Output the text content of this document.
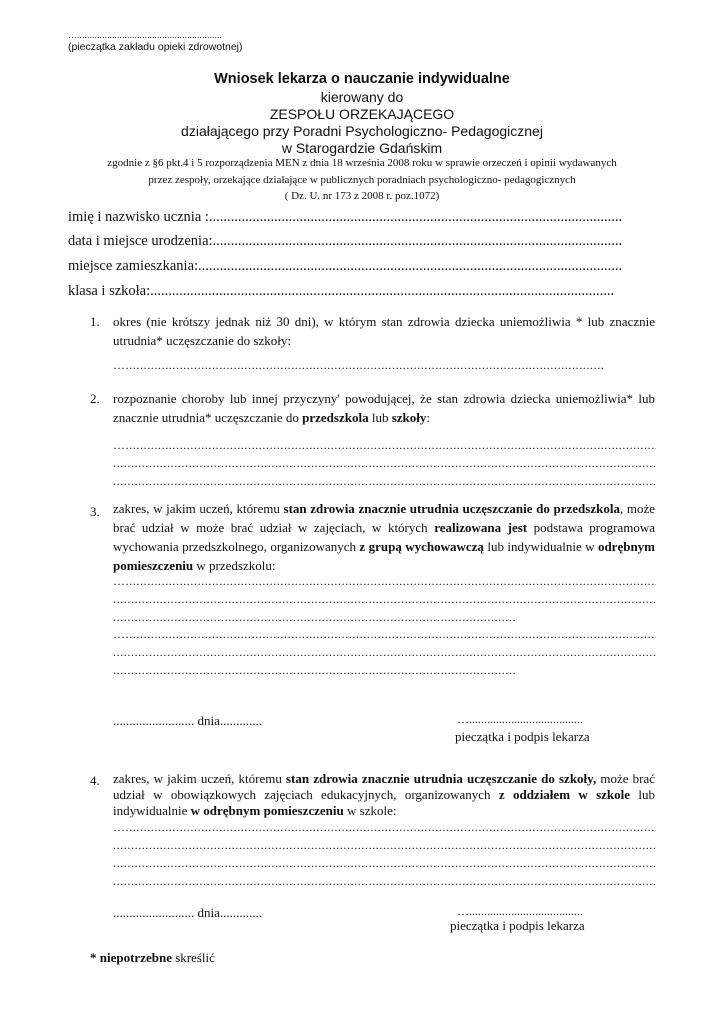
…..........................................................
(pieczątka zakładu opieki zdrowotnej)
Wniosek lekarza o nauczanie indywidualne
kierowany do
ZESPOŁU ORZEKAJĄCEGO
działającego przy Poradni Psychologiczno- Pedagogicznej
w Starogardzie Gdańskim
zgodnie z §6 pkt.4 i 5 rozporządzenia MEN z dnia 18 września 2008 roku w sprawie orzeczeń i opinii wydawanych
przez zespoły, orzekające działające w publicznych poradniach psychologiczno- pedagogicznych
( Dz. U. nr 173 z 2008 r. poz.1072)
imię i nazwisko ucznia :..................................................................................................................
data i miejsce urodzenia:.................................................................................................................
miejsce zamieszkania:.....................................................................................................................
klasa i szkoła:................................................................................................................................
1. okres (nie krótszy jednak niż 30 dni), w którym stan zdrowia dziecka uniemożliwia * lub znacznie utrudnia* uczęszczanie do szkoły:
… .....
2. rozpoznanie choroby lub innej przyczyny' powodującej, że stan zdrowia dziecka uniemożliwia* lub znacznie utrudnia* uczęszczanie do przedszkola lub szkoły:
… .....
.....
.....
3. zakres, w jakim uczeń, któremu stan zdrowia znacznie utrudnia uczęszczanie do przedszkola, może brać udział w może brać udział w zajęciach, w których realizowana jest podstawa programowa wychowania przedszkolnego, organizowanych z grupą wychowawczą lub indywidualnie w odrębnym pomieszczeniu w przedszkolu:
… .....
.....
.....
… .....
.....
.....
......................... dnia.............	…......................................
pieczątka i podpis lekarza
4. zakres, w jakim uczeń, któremu stan zdrowia znacznie utrudnia uczęszczanie do szkoły, może brać udział w obowiązkowych zajęciach edukacyjnych, organizowanych z oddziałem w szkole lub indywidualnie w odrębnym pomieszczeniu w szkole:
… .....
.....
.....
.....
......................... dnia.............	…......................................
pieczątka i podpis lekarza
* niepotrzebne skreślić
